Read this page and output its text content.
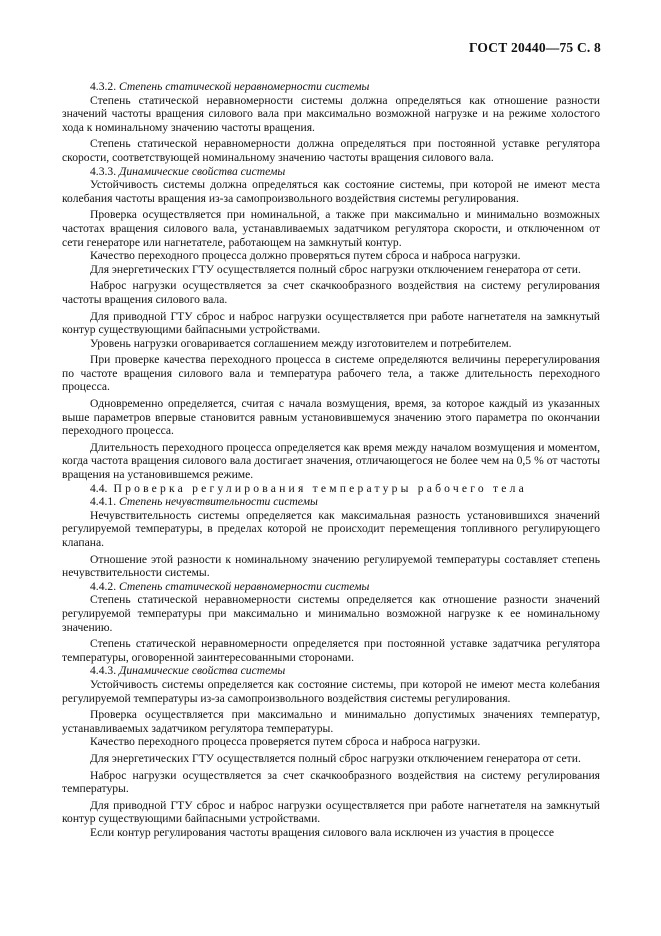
ГОСТ 20440—75 С. 8

4.3.2. Степень статической неравномерности системы

Степень статической неравномерности системы должна определяться как отношение разности значений частоты вращения силового вала при максимально возможной нагрузке и на режиме холостого хода к номинальному значению частоты вращения.

Степень статической неравномерности должна определяться при постоянной уставке регулятора скорости, соответствующей номинальному значению частоты вращения силового вала.

4.3.3. Динамические свойства системы

Устойчивость системы должна определяться как состояние системы, при которой не имеют места колебания частоты вращения из-за самопроизвольного воздействия системы регулирования.

Проверка осуществляется при номинальной, а также при максимально и минимально возможных частотах вращения силового вала, устанавливаемых задатчиком регулятора скорости, и отключенном от сети генераторе или нагнетателе, работающем на замкнутый контур.

Качество переходного процесса должно проверяться путем сброса и наброса нагрузки.

Для энергетических ГТУ осуществляется полный сброс нагрузки отключением генератора от сети.

Наброс нагрузки осуществляется за счет скачкообразного воздействия на систему регулирования частоты вращения силового вала.

Для приводной ГТУ сброс и наброс нагрузки осуществляется при работе нагнетателя на замкнутый контур существующими байпасными устройствами.

Уровень нагрузки оговаривается соглашением между изготовителем и потребителем.

При проверке качества переходного процесса в системе определяются величины перерегулирования по частоте вращения силового вала и температура рабочего тела, а также длительность переходного процесса.

Одновременно определяется, считая с начала возмущения, время, за которое каждый из указанных выше параметров впервые становится равным установившемуся значению этого параметра по окончании переходного процесса.

Длительность переходного процесса определяется как время между началом возмущения и моментом, когда частота вращения силового вала достигает значения, отличающегося не более чем на 0,5 % от частоты вращения на установившемся режиме.

4.4. Проверка регулирования температуры рабочего тела

4.4.1. Степень нечувствительности системы

Нечувствительность системы определяется как максимальная разность установившихся значений регулируемой температуры, в пределах которой не происходит перемещения топливного регулирующего клапана.

Отношение этой разности к номинальному значению регулируемой температуры составляет степень нечувствительности системы.

4.4.2. Степень статической неравномерности системы

Степень статической неравномерности системы определяется как отношение разности значений регулируемой температуры при максимально и минимально возможной нагрузке к ее номинальному значению.

Степень статической неравномерности определяется при постоянной уставке задатчика регулятора температуры, оговоренной заинтересованными сторонами.

4.4.3. Динамические свойства системы

Устойчивость системы определяется как состояние системы, при которой не имеют места колебания регулируемой температуры из-за самопроизвольного воздействия системы регулирования.

Проверка осуществляется при максимально и минимально допустимых значениях температур, устанавливаемых задатчиком регулятора температуры.

Качество переходного процесса проверяется путем сброса и наброса нагрузки.

Для энергетических ГТУ осуществляется полный сброс нагрузки отключением генератора от сети.

Наброс нагрузки осуществляется за счет скачкообразного воздействия на систему регулирования температуры.

Для приводной ГТУ сброс и наброс нагрузки осуществляется при работе нагнетателя на замкнутый контур существующими байпасными устройствами.

Если контур регулирования частоты вращения силового вала исключен из участия в процессе
